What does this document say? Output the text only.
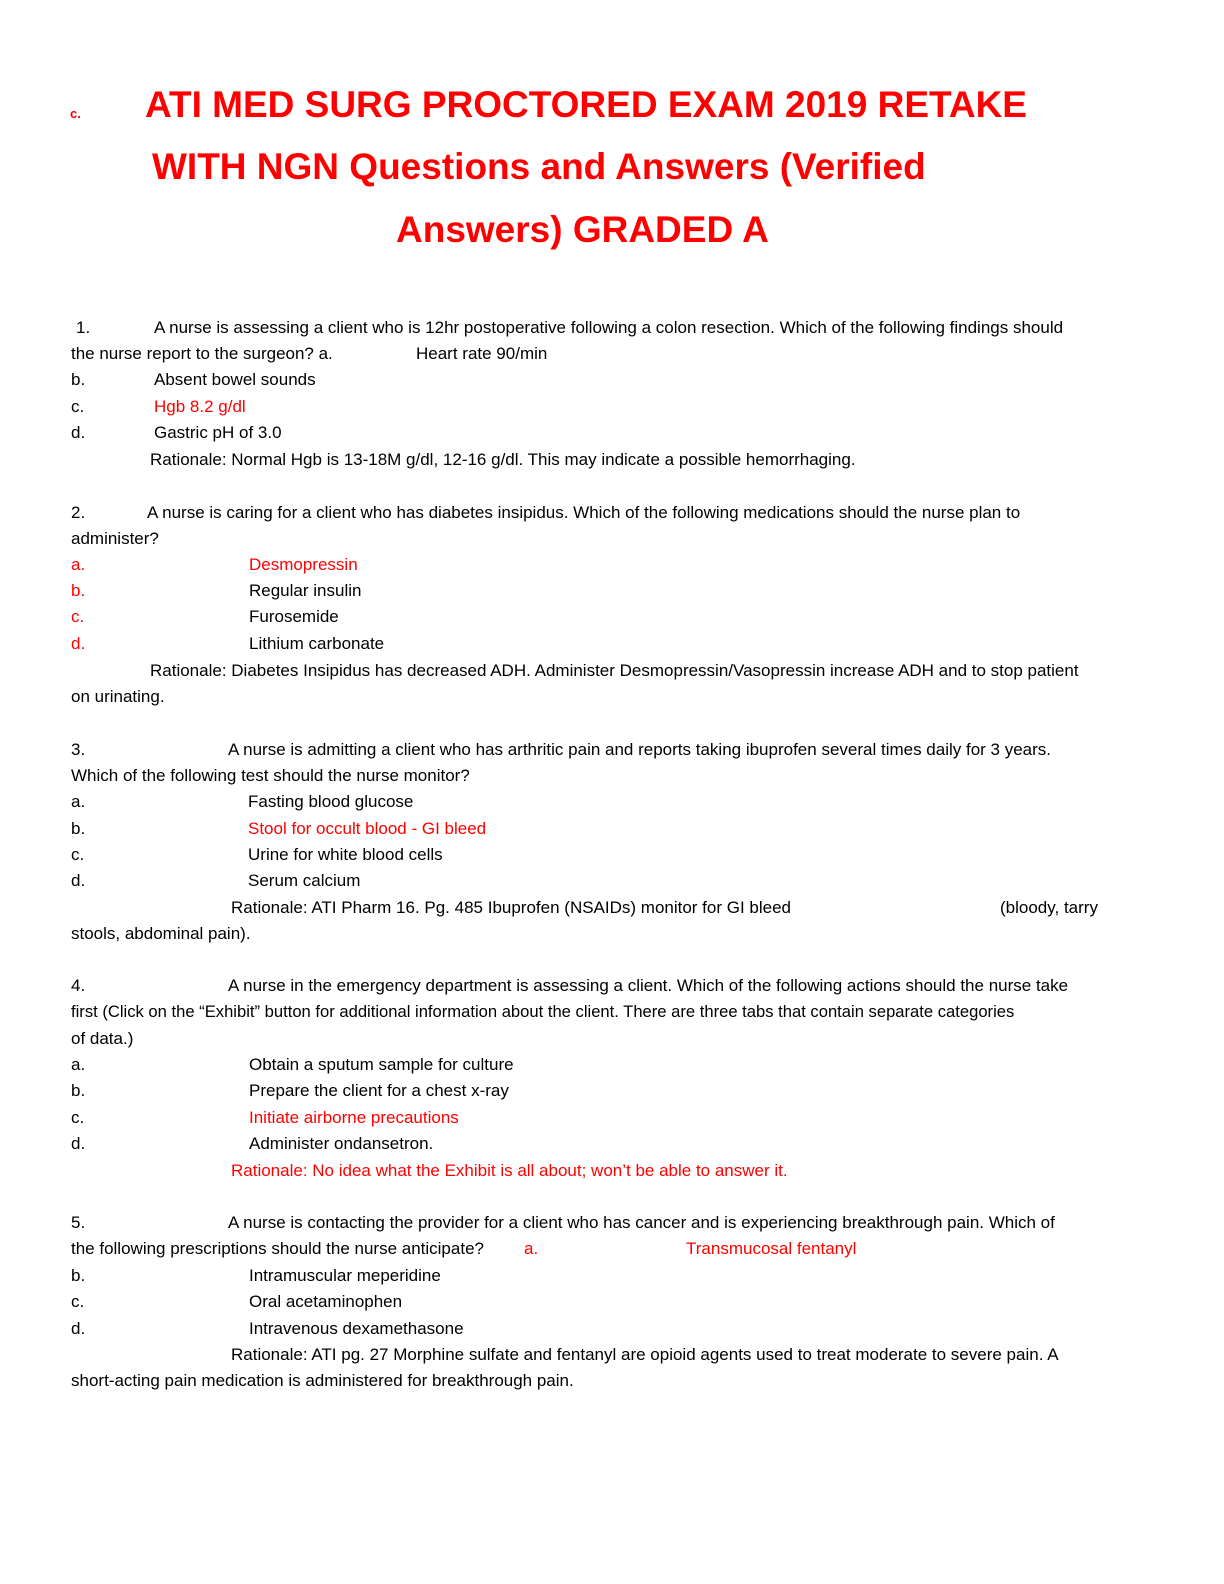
c. ATI MED SURG PROCTORED EXAM 2019 RETAKE
WITH NGN Questions and Answers (Verified
Answers) GRADED A
1.	A nurse is assessing a client who is 12hr postoperative following a colon resection. Which of the following findings should
the nurse report to the surgeon? a.	Heart rate 90/min
b.	Absent bowel sounds
c.	Hgb 8.2 g/dl
d.	Gastric pH of 3.0
Rationale: Normal Hgb is 13-18M g/dl, 12-16 g/dl. This may indicate a possible hemorrhaging.
2.	A nurse is caring for a client who has diabetes insipidus. Which of the following medications should the nurse plan to
administer?
a.	Desmopressin
b.	Regular insulin
c.	Furosemide
d.	Lithium carbonate
Rationale: Diabetes Insipidus has decreased ADH. Administer Desmopressin/Vasopressin increase ADH and to stop patient
on urinating.
3.	A nurse is admitting a client who has arthritic pain and reports taking ibuprofen several times daily for 3 years.
Which of the following test should the nurse monitor?
a.	Fasting blood glucose
b.	Stool for occult blood - GI bleed
c.	Urine for white blood cells
d.	Serum calcium
Rationale: ATI Pharm 16. Pg. 485 Ibuprofen (NSAIDs) monitor for GI bleed	(bloody, tarry
stools, abdominal pain).
4.	A nurse in the emergency department is assessing a client. Which of the following actions should the nurse take
first (Click on the “Exhibit” button for additional information about the client. There are three tabs that contain separate categories
of data.)
a.	Obtain a sputum sample for culture
b.	Prepare the client for a chest x-ray
c.	Initiate airborne precautions
d.	Administer ondansetron.
Rationale: No idea what the Exhibit is all about; won’t be able to answer it.
5.	A nurse is contacting the provider for a client who has cancer and is experiencing breakthrough pain. Which of
the following prescriptions should the nurse anticipate? a.	Transmucosal fentanyl
b.	Intramuscular meperidine
c.	Oral acetaminophen
d.	Intravenous dexamethasone
Rationale: ATI pg. 27 Morphine sulfate and fentanyl are opioid agents used to treat moderate to severe pain. A
short-acting pain medication is administered for breakthrough pain.
